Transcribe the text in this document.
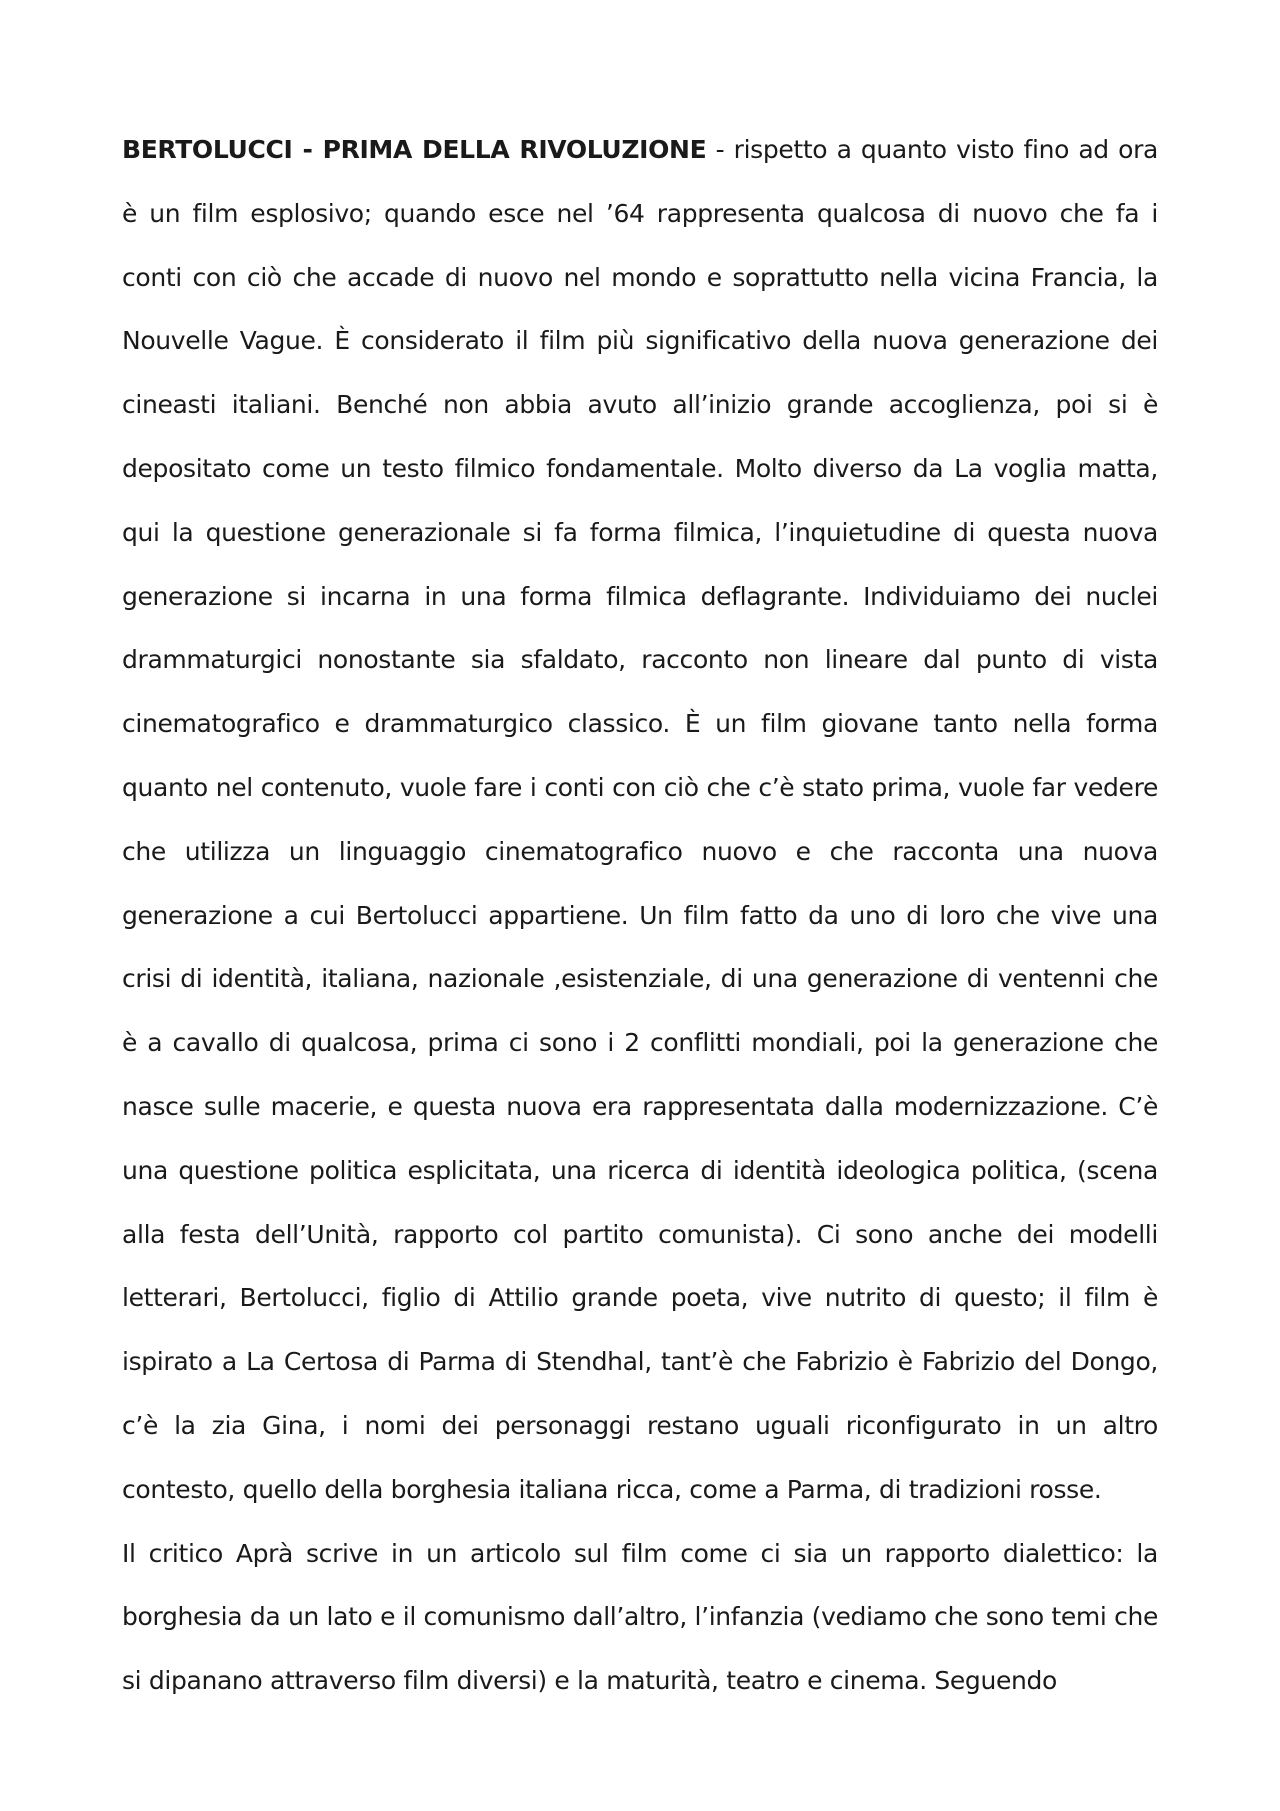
BERTOLUCCI - PRIMA DELLA RIVOLUZIONE - rispetto a quanto visto fino ad ora è un film esplosivo; quando esce nel ’64 rappresenta qualcosa di nuovo che fa i conti con ciò che accade di nuovo nel mondo e soprattutto nella vicina Francia, la Nouvelle Vague. È considerato il film più significativo della nuova generazione dei cineasti italiani. Benché non abbia avuto all’inizio grande accoglienza, poi si è depositato come un testo filmico fondamentale. Molto diverso da La voglia matta, qui la questione generazionale si fa forma filmica, l’inquietudine di questa nuova generazione si incarna in una forma filmica deflagrante. Individuiamo dei nuclei drammaturgici nonostante sia sfaldato, racconto non lineare dal punto di vista cinematografico e drammaturgico classico. È un film giovane tanto nella forma quanto nel contenuto, vuole fare i conti con ciò che c’è stato prima, vuole far vedere che utilizza un linguaggio cinematografico nuovo e che racconta una nuova generazione a cui Bertolucci appartiene. Un film fatto da uno di loro che vive una crisi di identità, italiana, nazionale ,esistenziale, di una generazione di ventenni che è a cavallo di qualcosa, prima ci sono i 2 conflitti mondiali, poi la generazione che nasce sulle macerie, e questa nuova era rappresentata dalla modernizzazione. C’è una questione politica esplicitata, una ricerca di identità ideologica politica, (scena alla festa dell’Unità, rapporto col partito comunista). Ci sono anche dei modelli letterari, Bertolucci, figlio di Attilio grande poeta, vive nutrito di questo; il film è ispirato a La Certosa di Parma di Stendhal, tant’è che Fabrizio è Fabrizio del Dongo, c’è la zia Gina, i nomi dei personaggi restano uguali riconfigurato in un altro contesto, quello della borghesia italiana ricca, come a Parma, di tradizioni rosse.

Il critico Aprà scrive in un articolo sul film come ci sia un rapporto dialettico: la borghesia da un lato e il comunismo dall’altro, l’infanzia (vediamo che sono temi che si dipanano attraverso film diversi) e la maturità, teatro e cinema. Seguendo
